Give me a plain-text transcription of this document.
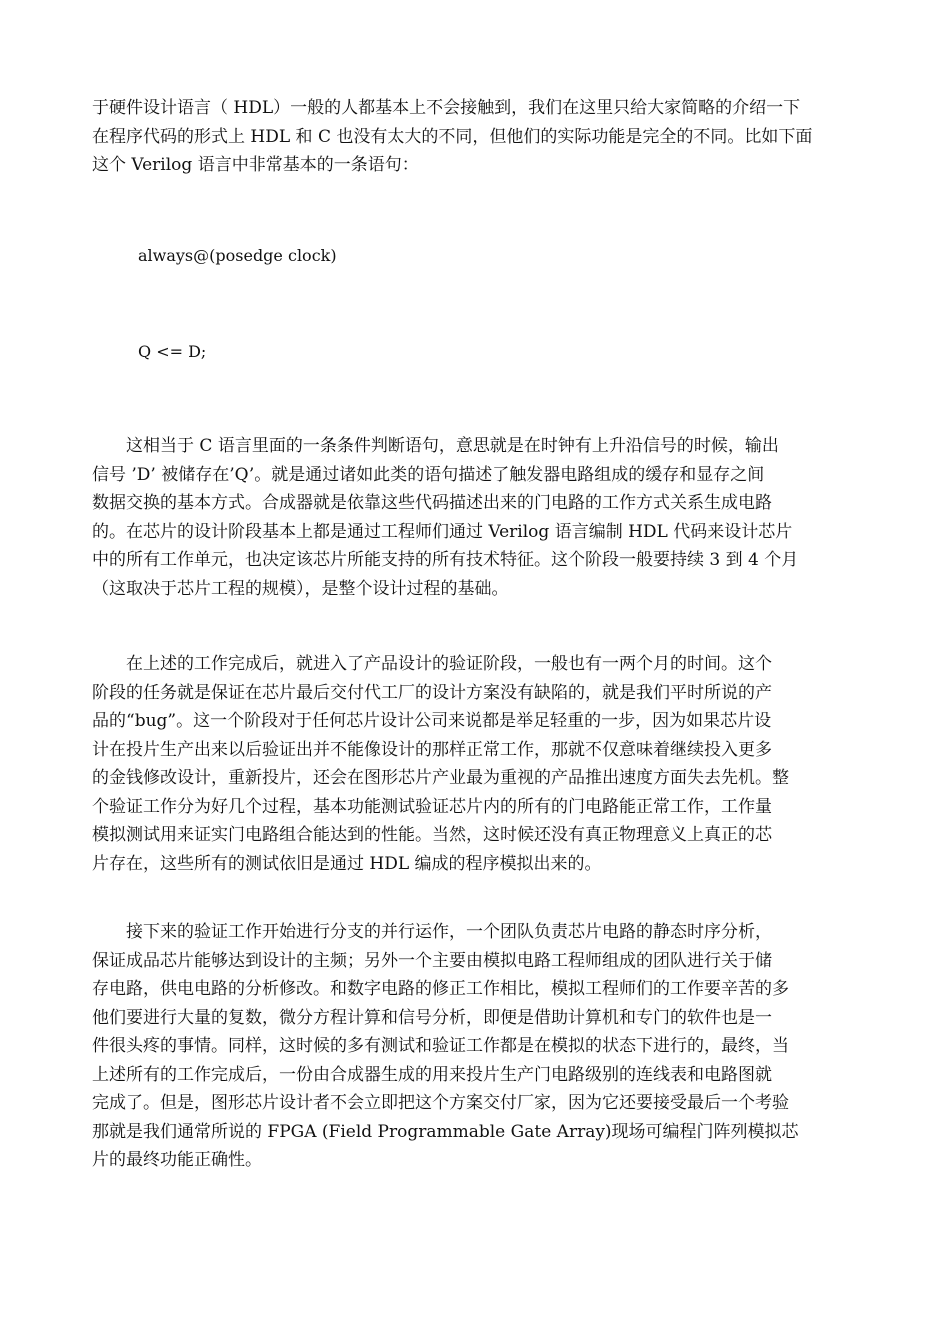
于硬件设计语言（ HDL）一般的人都基本上不会接触到，我们在这里只给大家简略的介绍一下
在程序代码的形式上 HDL 和 C 也没有太大的不同，但他们的实际功能是完全的不同。比如下面
这个 Verilog 语言中非常基本的一条语句：

always@(posedge clock)

Q <= D;

　　这相当于 C 语言里面的一条条件判断语句，意思就是在时钟有上升沿信号的时候，输出
信号 ’D’ 被储存在’Q’。就是通过诸如此类的语句描述了触发器电路组成的缓存和显存之间
数据交换的基本方式。合成器就是依靠这些代码描述出来的门电路的工作方式关系生成电路
的。在芯片的设计阶段基本上都是通过工程师们通过 Verilog 语言编制 HDL 代码来设计芯片
中的所有工作单元，也决定该芯片所能支持的所有技术特征。这个阶段一般要持续 3 到 4 个月
（这取决于芯片工程的规模），是整个设计过程的基础。

　　在上述的工作完成后，就进入了产品设计的验证阶段，一般也有一两个月的时间。这个
阶段的任务就是保证在芯片最后交付代工厂的设计方案没有缺陷的，就是我们平时所说的产
品的“bug”。这一个阶段对于任何芯片设计公司来说都是举足轻重的一步，因为如果芯片设
计在投片生产出来以后验证出并不能像设计的那样正常工作，那就不仅意味着继续投入更多
的金钱修改设计，重新投片，还会在图形芯片产业最为重视的产品推出速度方面失去先机。整
个验证工作分为好几个过程，基本功能测试验证芯片内的所有的门电路能正常工作，工作量
模拟测试用来证实门电路组合能达到的性能。当然，这时候还没有真正物理意义上真正的芯
片存在，这些所有的测试依旧是通过 HDL 编成的程序模拟出来的。

　　接下来的验证工作开始进行分支的并行运作，一个团队负责芯片电路的静态时序分析，
保证成品芯片能够达到设计的主频；另外一个主要由模拟电路工程师组成的团队进行关于储
存电路，供电电路的分析修改。和数字电路的修正工作相比，模拟工程师们的工作要辛苦的多
他们要进行大量的复数，微分方程计算和信号分析，即便是借助计算机和专门的软件也是一
件很头疼的事情。同样，这时候的多有测试和验证工作都是在模拟的状态下进行的，最终，当
上述所有的工作完成后，一份由合成器生成的用来投片生产门电路级别的连线表和电路图就
完成了。但是，图形芯片设计者不会立即把这个方案交付厂家，因为它还要接受最后一个考验
那就是我们通常所说的 FPGA (Field Programmable Gate Array)现场可编程门阵列模拟芯
片的最终功能正确性。
